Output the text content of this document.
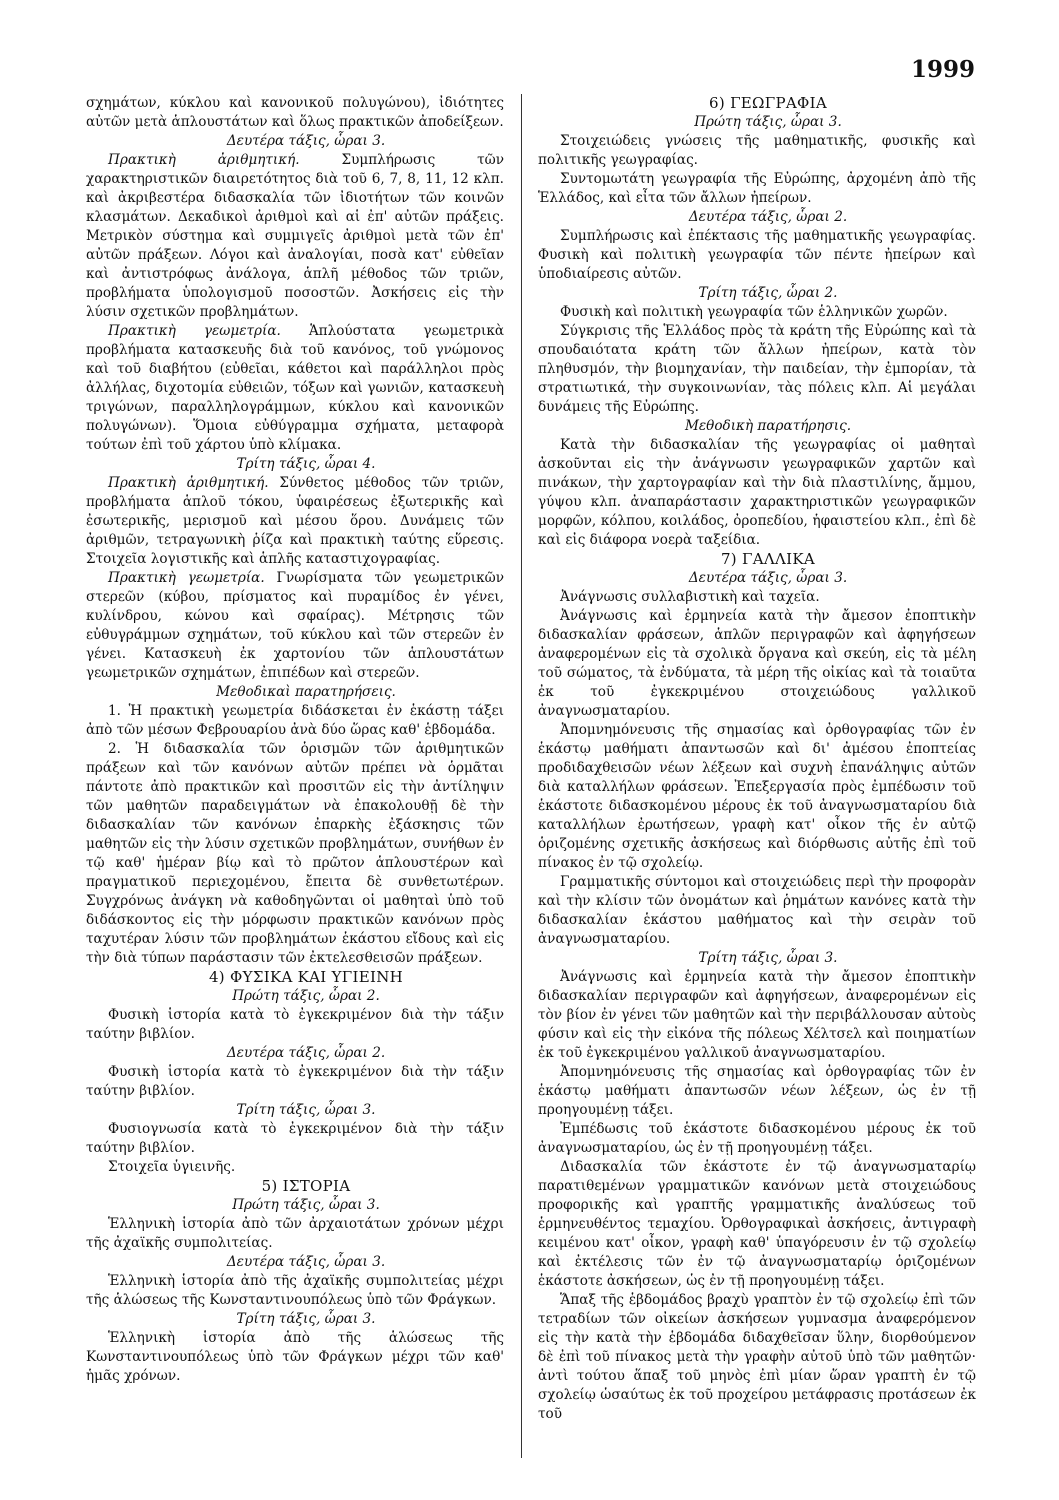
1999

σχημάτων, κύκλου καὶ κανονικοῦ πολυγώνου), ἰδιότητες αὐτῶν μετὰ ἁπλουστάτων καὶ ὅλως πρακτικῶν ἀποδείξεων.

Δευτέρα τάξις, ὧραι 3.

Πρακτικὴ ἀριθμητική.	Συμπλήρωσις τῶν χαρακτηριστικῶν διαιρετότητος διὰ τοῦ 6, 7, 8, 11, 12 κλπ. καὶ ἀκριβεστέρα διδασκαλία τῶν ἰδιοτήτων τῶν κοινῶν κλασμάτων. Δεκαδικοὶ ἀριθμοὶ καὶ αἱ ἐπ' αὐτῶν πράξεις. Μετρικὸν σύστημα καὶ συμμιγεῖς ἀριθμοὶ μετὰ τῶν ἐπ' αὐτῶν πράξεων. Λόγοι καὶ ἀναλογίαι, ποσὰ κατ' εὐθεῖαν καὶ ἀντιστρόφως ἀνάλογα, ἁπλῆ μέθοδος τῶν τριῶν, προβλήματα ὑπολογισμοῦ ποσοστῶν. Ἀσκήσεις εἰς τὴν λύσιν σχετικῶν προβλημάτων.

Πρακτικὴ γεωμετρία. Ἁπλούστατα γεωμετρικὰ προβλήματα κατασκευῆς διὰ τοῦ κανόνος, τοῦ γνώμονος καὶ τοῦ διαβήτου (εὐθεῖαι, κάθετοι καὶ παράλληλοι πρὸς ἀλλήλας, διχοτομία εὐθειῶν, τόξων καὶ γωνιῶν, κατασκευὴ τριγώνων, παραλληλογράμμων, κύκλου καὶ κανονικῶν πολυγώνων). Ὅμοια εὐθύγραμμα σχήματα, μεταφορὰ τούτων ἐπὶ τοῦ χάρτου ὑπὸ κλίμακα.

Τρίτη τάξις, ὧραι 4.

Πρακτικὴ ἀριθμητική. Σύνθετος μέθοδος τῶν τριῶν, προβλήματα ἁπλοῦ τόκου, ὑφαιρέσεως ἐξωτερικῆς καὶ ἐσωτερικῆς, μερισμοῦ καὶ μέσου ὅρου. Δυνάμεις τῶν ἀριθμῶν, τετραγωνικὴ ῥίζα καὶ πρακτικὴ ταύτης εὕρεσις. Στοιχεῖα λογιστικῆς καὶ ἁπλῆς καταστιχογραφίας.

Πρακτικὴ γεωμετρία. Γνωρίσματα τῶν γεωμετρικῶν στερεῶν (κύβου, πρίσματος καὶ πυραμίδος ἐν γένει, κυλίνδρου, κώνου καὶ σφαίρας). Μέτρησις τῶν εὐθυγράμμων σχημάτων, τοῦ κύκλου καὶ τῶν στερεῶν ἐν γένει. Κατασκευὴ ἐκ χαρτονίου τῶν ἁπλουστάτων γεωμετρικῶν σχημάτων, ἐπιπέδων καὶ στερεῶν.

Μεθοδικαὶ παρατηρήσεις.

1. Ἡ πρακτικὴ γεωμετρία διδάσκεται ἐν ἑκάστῃ τάξει ἀπὸ τῶν μέσων Φεβρουαρίου ἀνὰ δύο ὥρας καθ' ἑβδομάδα.

2. Ἡ διδασκαλία τῶν ὁρισμῶν τῶν ἀριθμητικῶν πράξεων καὶ τῶν κανόνων αὐτῶν πρέπει νὰ ὁρμᾶται πάντοτε ἀπὸ πρακτικῶν καὶ προσιτῶν εἰς τὴν ἀντίληψιν τῶν μαθητῶν παραδειγμάτων νὰ ἐπακολουθῇ δὲ τὴν διδασκαλίαν τῶν κανόνων ἐπαρκὴς ἐξάσκησις τῶν μαθητῶν εἰς τὴν λύσιν σχετικῶν προβλημάτων, συνήθων ἐν τῷ καθ' ἡμέραν βίῳ καὶ τὸ πρῶτον ἁπλουστέρων καὶ πραγματικοῦ περιεχομένου, ἔπειτα δὲ συνθετωτέρων. Συγχρόνως ἀνάγκη νὰ καθοδηγῶνται οἱ μαθηταὶ ὑπὸ τοῦ διδάσκοντος εἰς τὴν μόρφωσιν πρακτικῶν κανόνων πρὸς ταχυτέραν λύσιν τῶν προβλημάτων ἑκάστου εἴδους καὶ εἰς τὴν διὰ τύπων παράστασιν τῶν ἐκτελεσθεισῶν πράξεων.

4) ΦΥΣΙΚΑ ΚΑΙ ΥΓΙΕΙΝΗ

Πρώτη τάξις, ὧραι 2.

Φυσικὴ ἱστορία κατὰ τὸ ἐγκεκριμένον διὰ τὴν τάξιν ταύτην βιβλίον.

Δευτέρα τάξις, ὧραι 2.

Φυσικὴ ἱστορία κατὰ τὸ ἐγκεκριμένον διὰ τὴν τάξιν ταύτην βιβλίον.

Τρίτη τάξις, ὧραι 3.

Φυσιογνωσία κατὰ τὸ ἐγκεκριμένον διὰ τὴν τάξιν ταύτην βιβλίον.

Στοιχεῖα ὑγιεινῆς.

5) ΙΣΤΟΡΙΑ

Πρώτη τάξις, ὧραι 3.

Ἑλληνικὴ ἱστορία ἀπὸ τῶν ἀρχαιοτάτων χρόνων μέχρι τῆς ἀχαϊκῆς συμπολιτείας.

Δευτέρα τάξις, ὧραι 3.

Ἑλληνικὴ ἱστορία ἀπὸ τῆς ἀχαϊκῆς συμπολιτείας μέχρι τῆς ἁλώσεως τῆς Κωνσταντινουπόλεως ὑπὸ τῶν Φράγκων.

Τρίτη τάξις, ὧραι 3.

Ἑλληνικὴ ἱστορία ἀπὸ τῆς ἁλώσεως τῆς Κωνσταντινουπόλεως ὑπὸ τῶν Φράγκων μέχρι τῶν καθ' ἡμᾶς χρόνων.

6) ΓΕΩΓΡΑΦΙΑ

Πρώτη τάξις, ὧραι 3.

Στοιχειώδεις γνώσεις τῆς μαθηματικῆς, φυσικῆς καὶ πολιτικῆς γεωγραφίας.

Συντομωτάτη γεωγραφία τῆς Εὐρώπης, ἀρχομένη ἀπὸ τῆς Ἑλλάδος, καὶ εἶτα τῶν ἄλλων ἠπείρων.

Δευτέρα τάξις, ὧραι 2.

Συμπλήρωσις καὶ ἐπέκτασις τῆς μαθηματικῆς γεωγραφίας. Φυσικὴ καὶ πολιτικὴ γεωγραφία τῶν πέντε ἠπείρων καὶ ὑποδιαίρεσις αὐτῶν.

Τρίτη τάξις, ὧραι 2.

Φυσικὴ καὶ πολιτικὴ γεωγραφία τῶν ἑλληνικῶν χωρῶν.

Σύγκρισις τῆς Ἑλλάδος πρὸς τὰ κράτη τῆς Εὐρώπης καὶ τὰ σπουδαιότατα κράτη τῶν ἄλλων ἠπείρων, κατὰ τὸν πληθυσμόν, τὴν βιομηχανίαν, τὴν παιδείαν, τὴν ἐμπορίαν, τὰ στρατιωτικά, τὴν συγκοινωνίαν, τὰς πόλεις κλπ. Αἱ μεγάλαι δυνάμεις τῆς Εὐρώπης.

Μεθοδικὴ παρατήρησις.

Κατὰ τὴν διδασκαλίαν τῆς γεωγραφίας οἱ μαθηταὶ ἀσκοῦνται εἰς τὴν ἀνάγνωσιν γεωγραφικῶν χαρτῶν καὶ πινάκων, τὴν χαρτογραφίαν καὶ τὴν διὰ πλαστιλίνης, ἄμμου, γύψου κλπ. ἀναπαράστασιν χαρακτηριστικῶν γεωγραφικῶν μορφῶν, κόλπου, κοιλάδος, ὀροπεδίου, ἡφαιστείου κλπ., ἐπὶ δὲ καὶ εἰς διάφορα νοερὰ ταξείδια.

7) ΓΑΛΛΙΚΑ

Δευτέρα τάξις, ὧραι 3.

Ἀνάγνωσις συλλαβιστικὴ καὶ ταχεῖα.

Ἀνάγνωσις καὶ ἑρμηνεία κατὰ τὴν ἄμεσον ἐποπτικὴν διδασκαλίαν φράσεων, ἁπλῶν περιγραφῶν καὶ ἀφηγήσεων ἀναφερομένων εἰς τὰ σχολικὰ ὄργανα καὶ σκεύη, εἰς τὰ μέλη τοῦ σώματος, τὰ ἐνδύματα, τὰ μέρη τῆς οἰκίας καὶ τὰ τοιαῦτα ἐκ τοῦ ἐγκεκριμένου στοιχειώδους γαλλικοῦ ἀναγνωσματαρίου.

Ἀπομνημόνευσις τῆς σημασίας καὶ ὀρθογραφίας τῶν ἐν ἑκάστῳ μαθήματι ἀπαντωσῶν καὶ δι' ἀμέσου ἐποπτείας προδιδαχθεισῶν νέων λέξεων καὶ συχνὴ ἐπανάληψις αὐτῶν διὰ καταλλήλων φράσεων. Ἐπεξεργασία πρὸς ἐμπέδωσιν τοῦ ἑκάστοτε διδασκομένου μέρους ἐκ τοῦ ἀναγνωσματαρίου διὰ καταλλήλων ἐρωτήσεων, γραφὴ κατ' οἶκον τῆς ἐν αὐτῷ ὁριζομένης σχετικῆς ἀσκήσεως καὶ διόρθωσις αὐτῆς ἐπὶ τοῦ πίνακος ἐν τῷ σχολείῳ.

Γραμματικῆς σύντομοι καὶ στοιχειώδεις περὶ τὴν προφορὰν καὶ τὴν κλίσιν τῶν ὀνομάτων καὶ ῥημάτων κανόνες κατὰ τὴν διδασκαλίαν ἑκάστου μαθήματος καὶ τὴν σειρὰν τοῦ ἀναγνωσματαρίου.

Τρίτη τάξις, ὧραι 3.

Ἀνάγνωσις καὶ ἑρμηνεία κατὰ τὴν ἄμεσον ἐποπτικὴν διδασκαλίαν περιγραφῶν καὶ ἀφηγήσεων, ἀναφερομένων εἰς τὸν βίον ἐν γένει τῶν μαθητῶν καὶ τὴν περιβάλλουσαν αὐτοὺς φύσιν καὶ εἰς τὴν εἰκόνα τῆς πόλεως Χέλτσελ καὶ ποιηματίων ἐκ τοῦ ἐγκεκριμένου γαλλικοῦ ἀναγνωσματαρίου.

Ἀπομνημόνευσις τῆς σημασίας καὶ ὀρθογραφίας τῶν ἐν ἑκάστῳ μαθήματι ἀπαντωσῶν νέων λέξεων, ὡς ἐν τῇ προηγουμένῃ τάξει.

Ἐμπέδωσις τοῦ ἑκάστοτε διδασκομένου μέρους ἐκ τοῦ ἀναγνωσματαρίου, ὡς ἐν τῇ προηγουμένῃ τάξει.

Διδασκαλία τῶν ἑκάστοτε ἐν τῷ ἀναγνωσματαρίῳ παρατιθεμένων γραμματικῶν κανόνων μετὰ στοιχειώδους προφορικῆς καὶ γραπτῆς γραμματικῆς ἀναλύσεως τοῦ ἑρμηνευθέντος τεμαχίου. Ὀρθογραφικαὶ ἀσκήσεις, ἀντιγραφὴ κειμένου κατ' οἶκον, γραφὴ καθ' ὑπαγόρευσιν ἐν τῷ σχολείῳ καὶ ἐκτέλεσις τῶν ἐν τῷ ἀναγνωσματαρίῳ ὁριζομένων ἑκάστοτε ἀσκήσεων, ὡς ἐν τῇ προηγουμένῃ τάξει.

Ἅπαξ τῆς ἑβδομάδος βραχὺ γραπτὸν ἐν τῷ σχολείῳ ἐπὶ τῶν τετραδίων τῶν οἰκείων ἀσκήσεων γυμνασμα ἀναφερόμενον εἰς τὴν κατὰ τὴν ἑβδομάδα διδαχθεῖσαν ὕλην, διορθούμενον δὲ ἐπὶ τοῦ πίνακος μετὰ τὴν γραφὴν αὐτοῦ ὑπὸ τῶν μαθητῶν· ἀντὶ τούτου ἅπαξ τοῦ μηνὸς ἐπὶ μίαν ὥραν γραπτὴ ἐν τῷ σχολείῳ ὡσαύτως ἐκ τοῦ προχείρου μετάφρασις προτάσεων ἐκ τοῦ
